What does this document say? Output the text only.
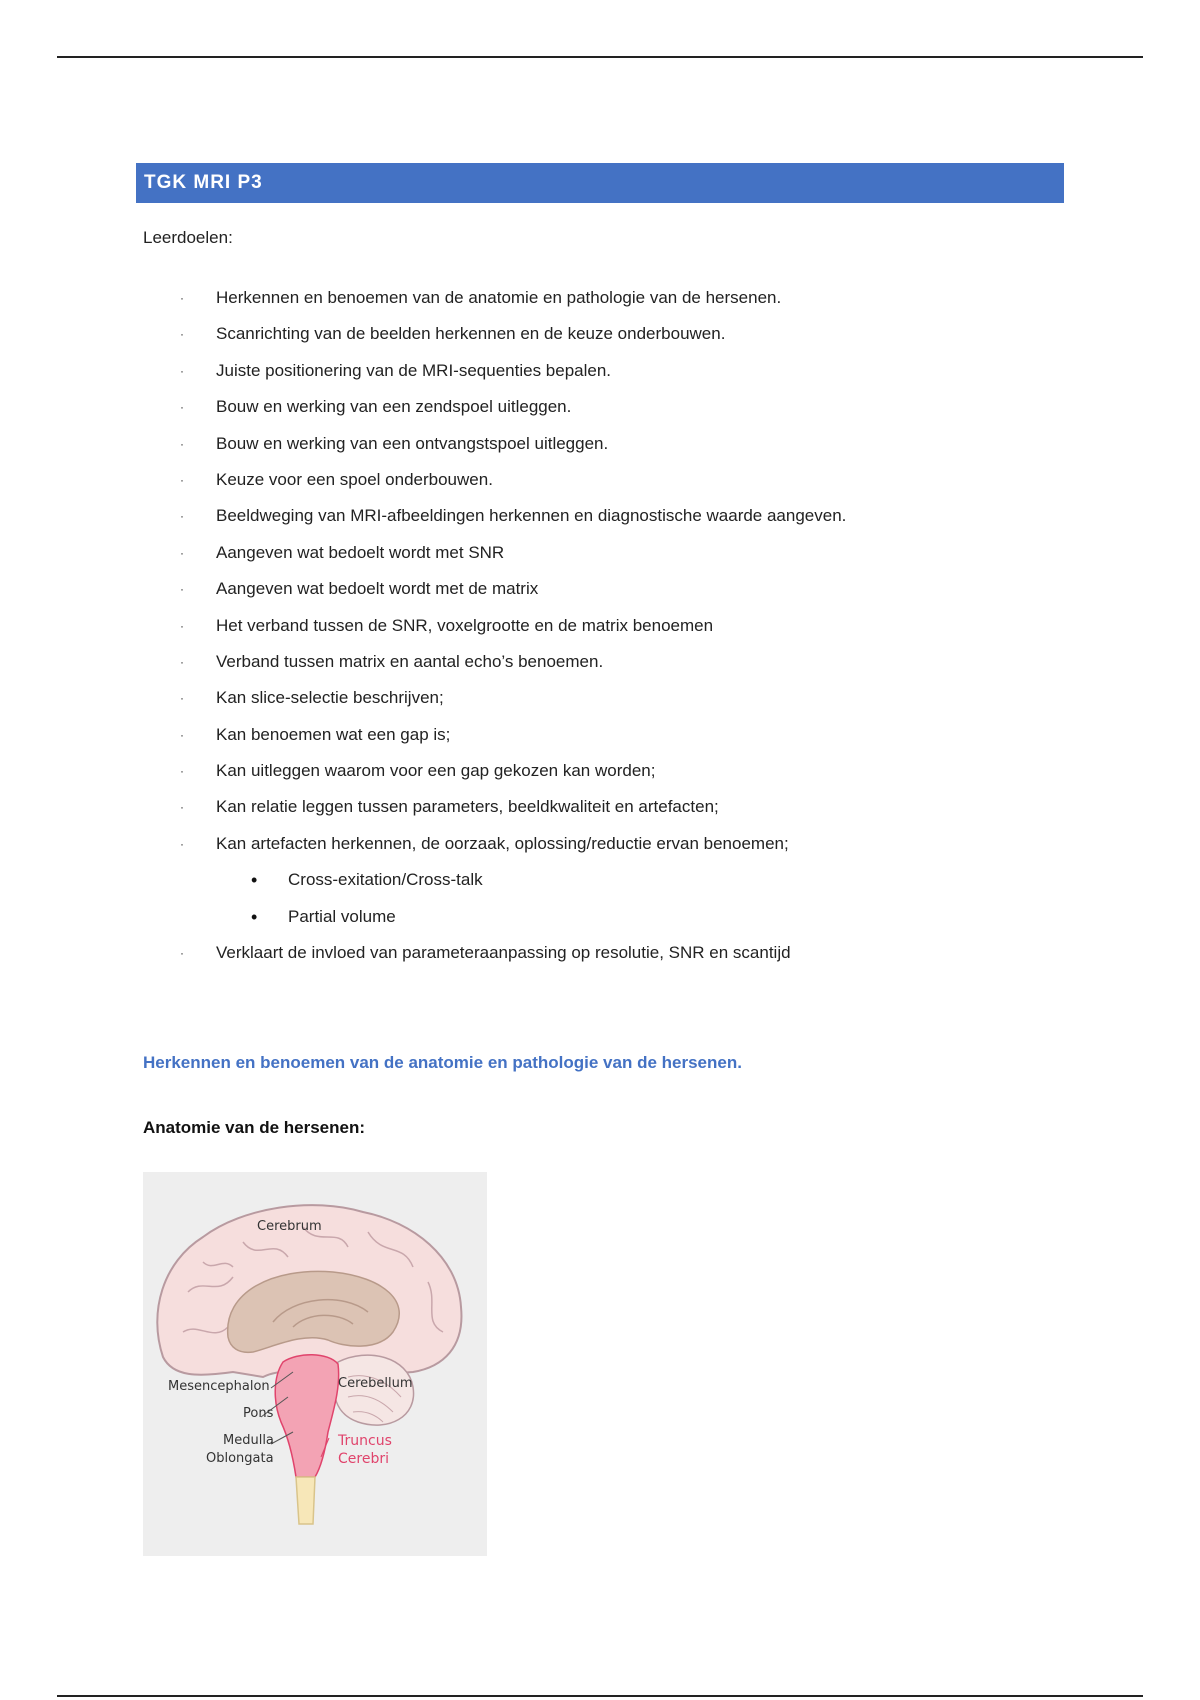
TGK MRI P3
Leerdoelen:
· Herkennen en benoemen van de anatomie en pathologie van de hersenen.
· Scanrichting van de beelden herkennen en de keuze onderbouwen.
· Juiste positionering van de MRI-sequenties bepalen.
· Bouw en werking van een zendspoel uitleggen.
· Bouw en werking van een ontvangstspoel uitleggen.
· Keuze voor een spoel onderbouwen.
· Beeldweging van MRI-afbeeldingen herkennen en diagnostische waarde aangeven.
· Aangeven wat bedoelt wordt met SNR
· Aangeven wat bedoelt wordt met de matrix
· Het verband tussen de SNR, voxelgrootte en de matrix benoemen
· Verband tussen matrix en aantal echo’s benoemen.
· Kan slice-selectie beschrijven;
· Kan benoemen wat een gap is;
· Kan uitleggen waarom voor een gap gekozen kan worden;
· Kan relatie leggen tussen parameters, beeldkwaliteit en artefacten;
· Kan artefacten herkennen, de oorzaak, oplossing/reductie ervan benoemen;
• Cross-exitation/Cross-talk
• Partial volume
· Verklaart de invloed van parameteraanpassing op resolutie, SNR en scantijd
Herkennen en benoemen van de anatomie en pathologie van de hersenen.
Anatomie van de hersenen:
Cerebrum
Cerebellum
Mesencephalon
Pons
Medulla
Oblongata
Truncus
Cerebri
